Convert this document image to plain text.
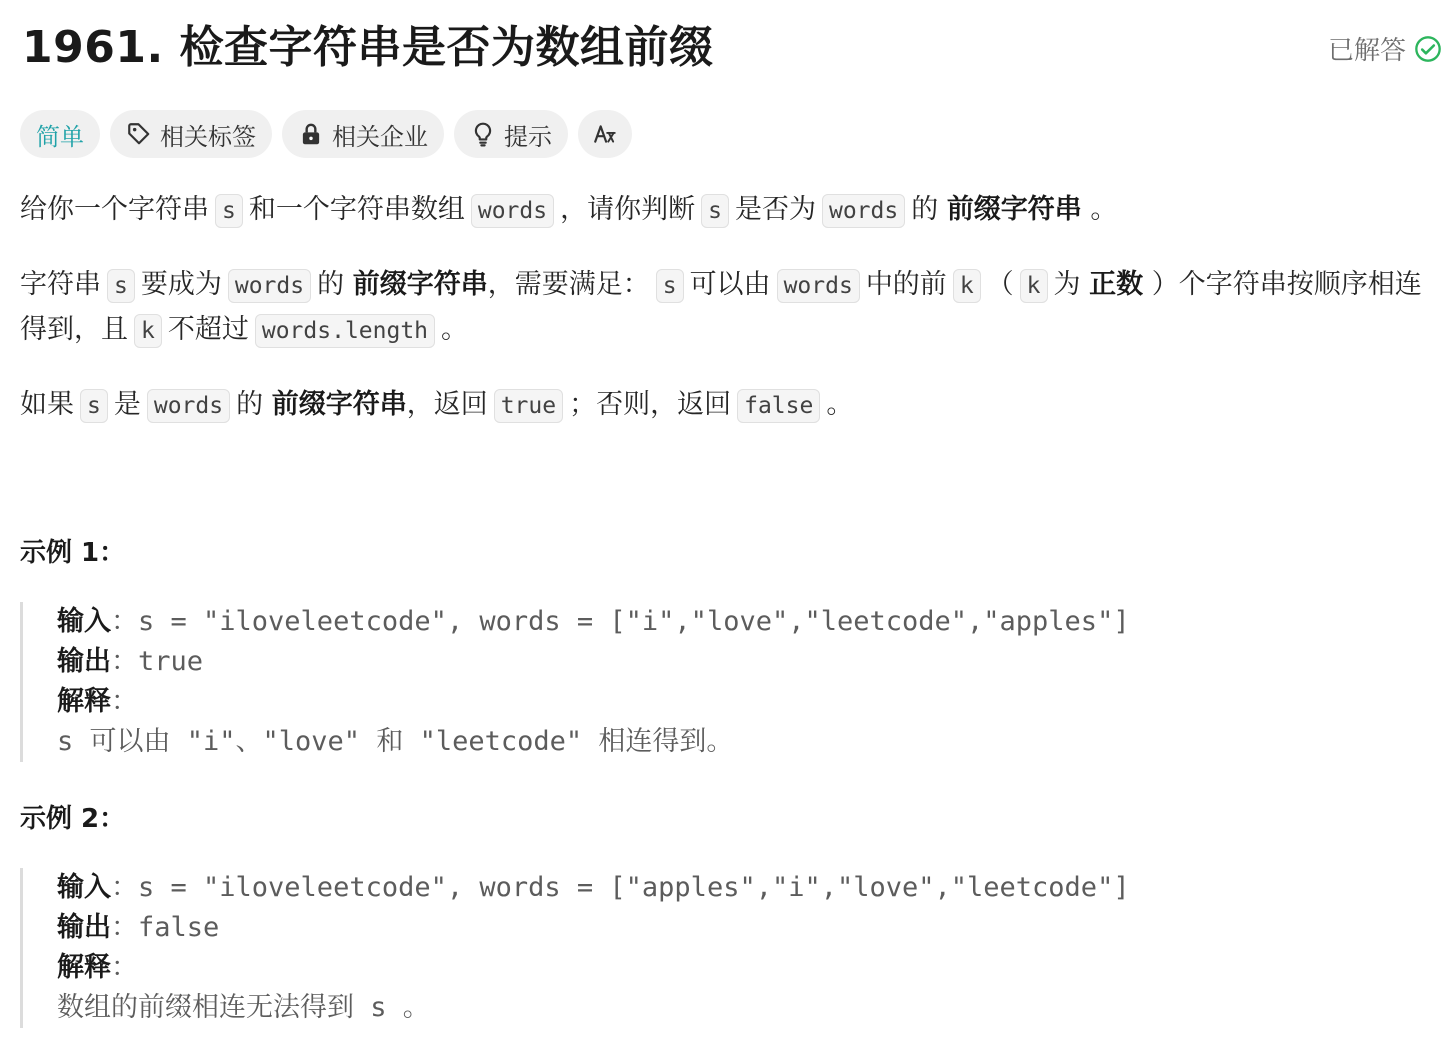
1961. 检查字符串是否为数组前缀	已解答
简单	相关标签	相关企业	提示

给你一个字符串 s 和一个字符串数组 words ，请你判断 s 是否为 words 的 前缀字符串 。

字符串 s 要成为 words 的 前缀字符串，需要满足： s 可以由 words 中的前 k （ k 为 正数 ）个字符串按顺序相连得到，且 k 不超过 words.length 。

如果 s 是 words 的 前缀字符串，返回 true ；否则，返回 false 。

示例 1：
输入：s = "iloveleetcode", words = ["i","love","leetcode","apples"]
输出：true
解释：
s 可以由 "i"、"love" 和 "leetcode" 相连得到。
示例 2：
输入：s = "iloveleetcode", words = ["apples","i","love","leetcode"]
输出：false
解释：
数组的前缀相连无法得到 s 。
